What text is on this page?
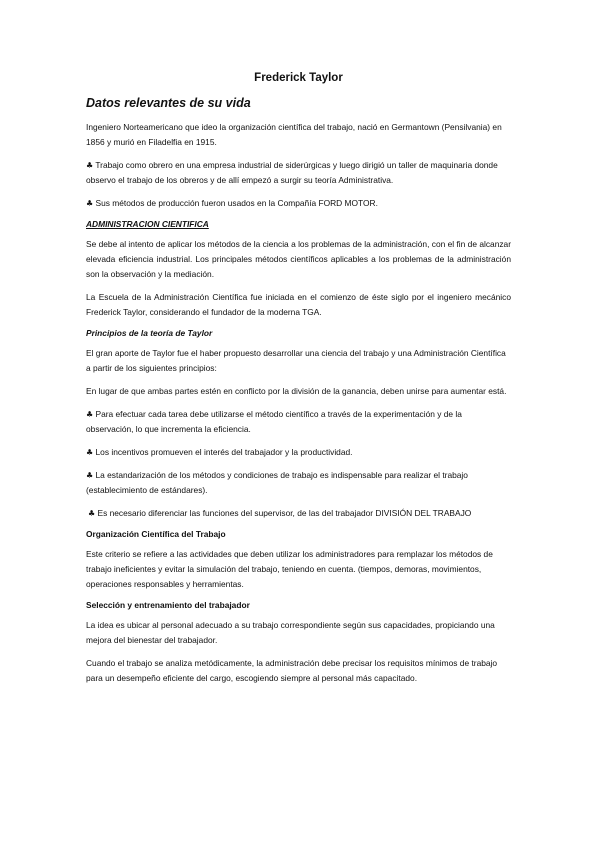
Frederick Taylor
Datos relevantes de su vida

Ingeniero Norteamericano que ideo la organización científica del trabajo, nació en Germantown (Pensilvania) en 1856 y murió en Filadelfia en 1915.

♣ Trabajo como obrero en una empresa industrial de siderúrgicas y luego dirigió un taller de maquinaria donde observo el trabajo de los obreros y de allí empezó a surgir su teoría Administrativa.

♣ Sus métodos de producción fueron usados en la Compañía FORD MOTOR.

ADMINISTRACION CIENTIFICA

Se debe al intento de aplicar los métodos de la ciencia a los problemas de la administración, con el fin de alcanzar elevada eficiencia industrial. Los principales métodos científicos aplicables a los problemas de la administración son la observación y la mediación.

La Escuela de la Administración Científica fue iniciada en el comienzo de éste siglo por el ingeniero mecánico Frederick Taylor, considerando el fundador de la moderna TGA.

Principios de la teoría de Taylor

El gran aporte de Taylor fue el haber propuesto desarrollar una ciencia del trabajo y una Administración Científica a partir de los siguientes principios:

En lugar de que ambas partes estén en conflicto por la división de la ganancia, deben unirse para aumentar está.

♣ Para efectuar cada tarea debe utilizarse el método científico a través de la experimentación y de la observación, lo que incrementa la eficiencia.

♣ Los incentivos promueven el interés del trabajador y la productividad.

♣ La estandarización de los métodos y condiciones de trabajo es indispensable para realizar el trabajo (establecimiento de estándares).

♣ Es necesario diferenciar las funciones del supervisor, de las del trabajador DIVISIÓN DEL TRABAJO

Organización Científica del Trabajo

Este criterio se refiere a las actividades que deben utilizar los administradores para remplazar los métodos de trabajo ineficientes y evitar la simulación del trabajo, teniendo en cuenta. (tiempos, demoras, movimientos, operaciones responsables y herramientas.

Selección y entrenamiento del trabajador

La idea es ubicar al personal adecuado a su trabajo correspondiente según sus capacidades, propiciando una mejora del bienestar del trabajador.

Cuando el trabajo se analiza metódicamente, la administración debe precisar los requisitos mínimos de trabajo para un desempeño eficiente del cargo, escogiendo siempre al personal más capacitado.
